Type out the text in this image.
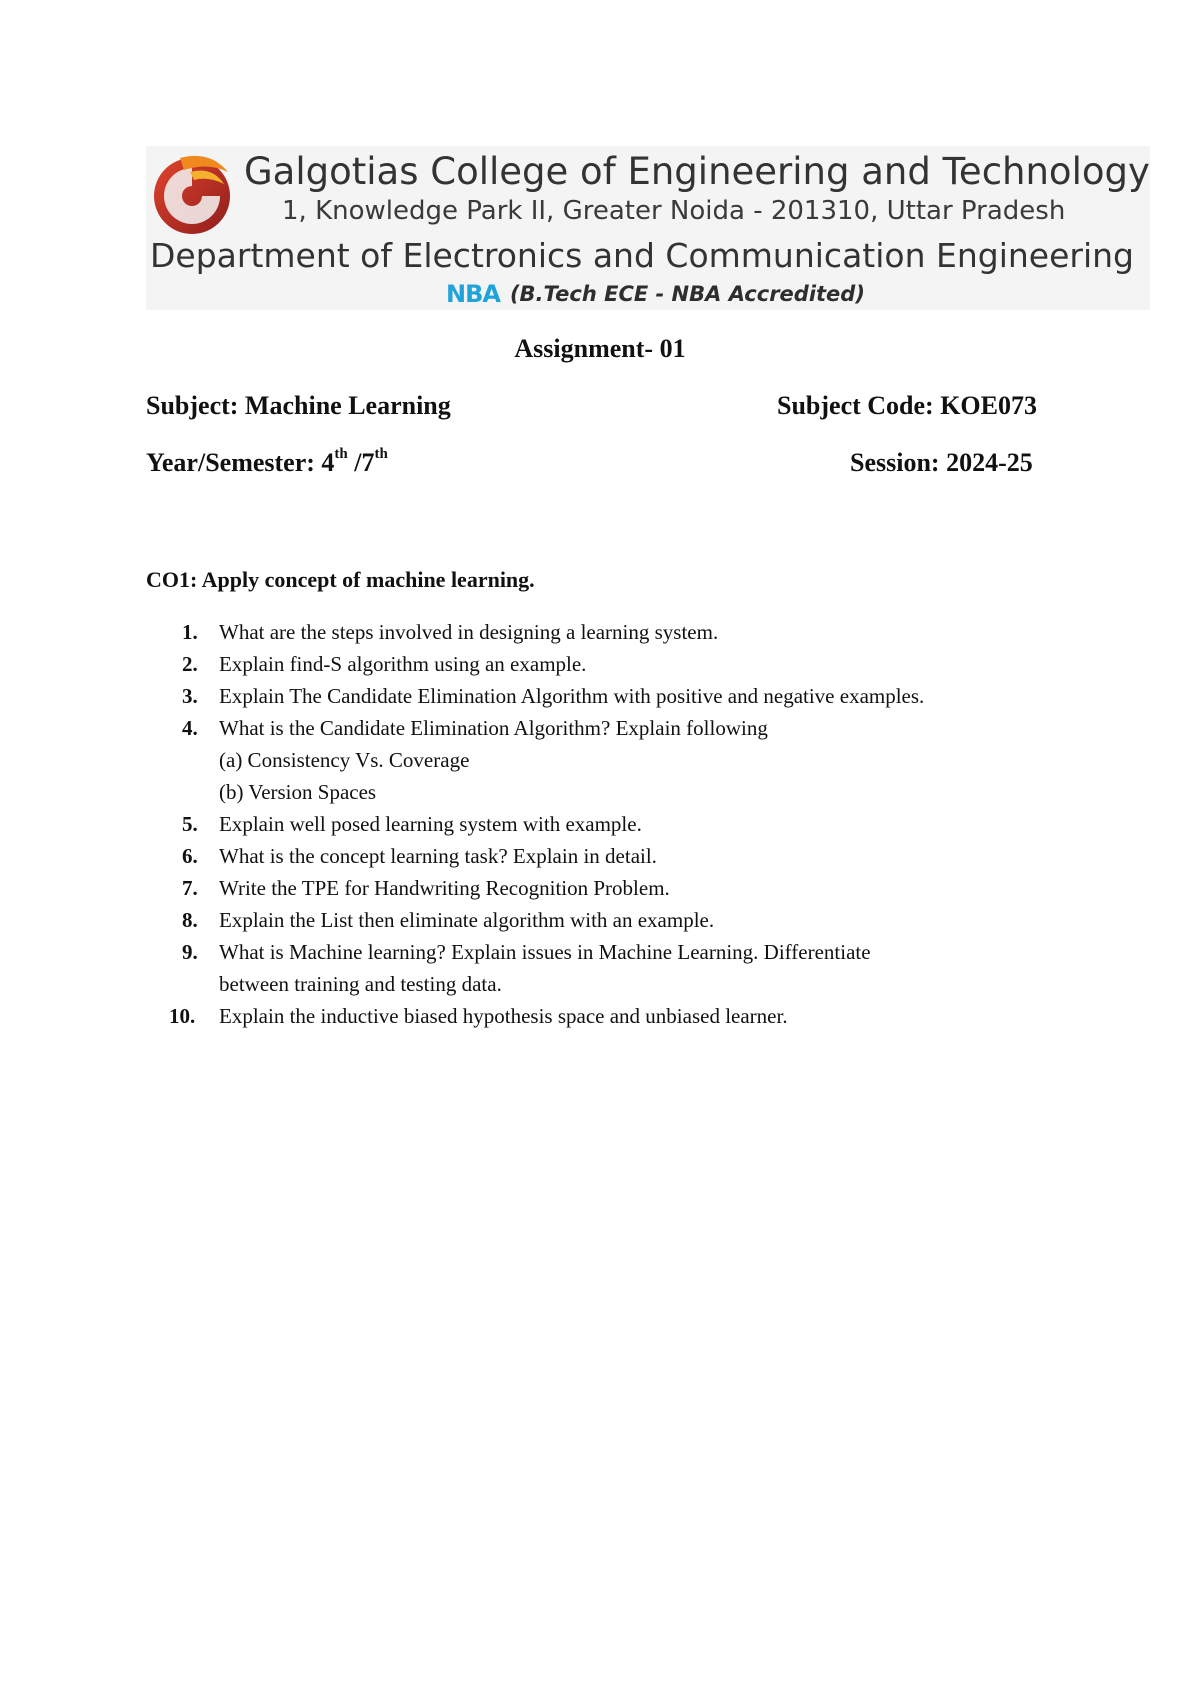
Galgotias College of Engineering and Technology
1, Knowledge Park II, Greater Noida - 201310, Uttar Pradesh
Department of Electronics and Communication Engineering
NBA (B.Tech ECE - NBA Accredited)
Assignment- 01
Subject: Machine Learning	Subject Code: KOE073
Year/Semester: 4th /7th	Session: 2024-25
CO1: Apply concept of machine learning.
1.	What are the steps involved in designing a learning system.
2.	Explain find-S algorithm using an example.
3.	Explain The Candidate Elimination Algorithm with positive and negative examples.
4.	What is the Candidate Elimination Algorithm? Explain following
(a) Consistency Vs. Coverage
(b) Version Spaces
5.	Explain well posed learning system with example.
6.	What is the concept learning task? Explain in detail.
7.	Write the TPE for Handwriting Recognition Problem.
8.	Explain the List then eliminate algorithm with an example.
9.	What is Machine learning? Explain issues in Machine Learning. Differentiate
between training and testing data.
10. Explain the inductive biased hypothesis space and unbiased learner.
